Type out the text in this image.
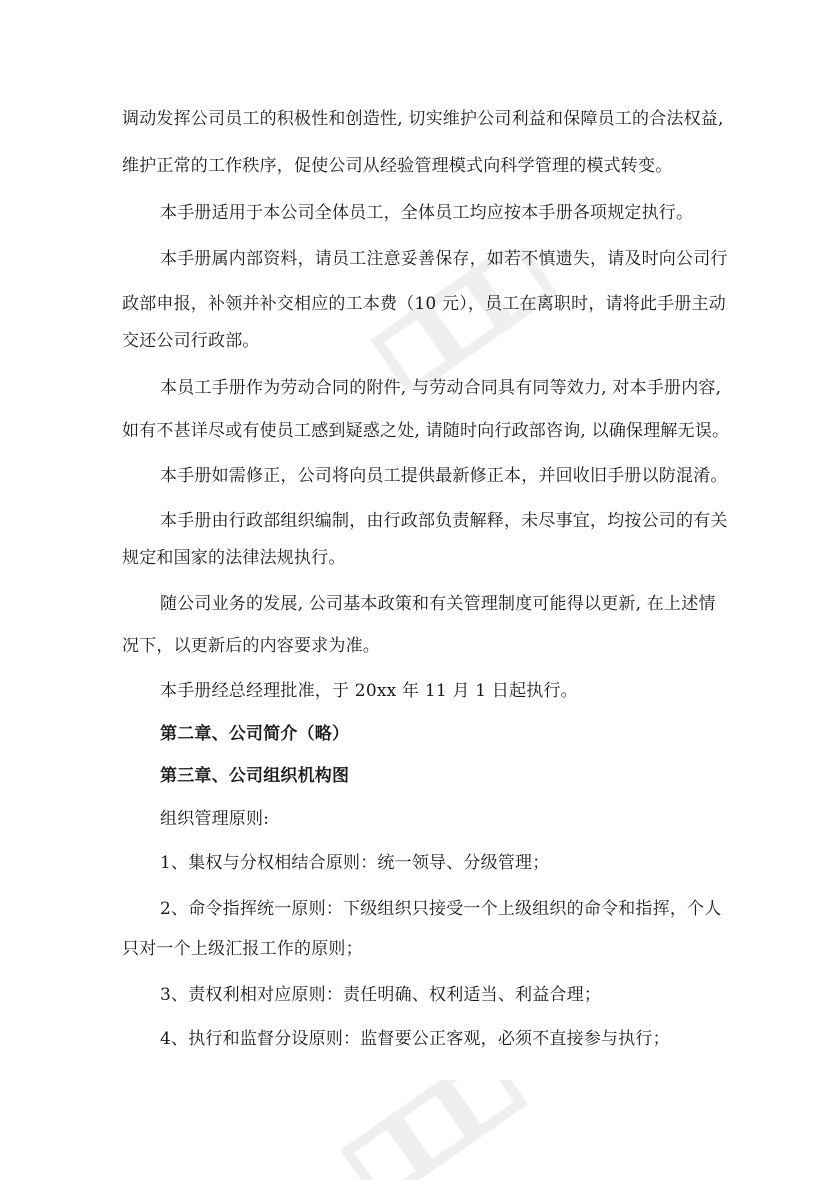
调动发挥公司员工的积极性和创造性, 切实维护公司利益和保障员工的合法权益,
维护正常的工作秩序，促使公司从经验管理模式向科学管理的模式转变。
本手册适用于本公司全体员工，全体员工均应按本手册各项规定执行。
本手册属内部资料，请员工注意妥善保存，如若不慎遗失，请及时向公司行
政部申报，补领并补交相应的工本费（10 元），员工在离职时，请将此手册主动
交还公司行政部。
本员工手册作为劳动合同的附件, 与劳动合同具有同等效力, 对本手册内容,
如有不甚详尽或有使员工感到疑惑之处, 请随时向行政部咨询, 以确保理解无误。
本手册如需修正，公司将向员工提供最新修正本，并回收旧手册以防混淆。
本手册由行政部组织编制，由行政部负责解释，未尽事宜，均按公司的有关
规定和国家的法律法规执行。
随公司业务的发展, 公司基本政策和有关管理制度可能得以更新, 在上述情
况下，以更新后的内容要求为准。
本手册经总经理批准，于 20xx 年 11 月 1 日起执行。
第二章、公司简介（略）
第三章、公司组织机构图
组织管理原则:
1、集权与分权相结合原则：统一领导、分级管理；
2、命令指挥统一原则：下级组织只接受一个上级组织的命令和指挥，个人
只对一个上级汇报工作的原则；
3、责权利相对应原则：责任明确、权利适当、利益合理；
4、执行和监督分设原则：监督要公正客观，必须不直接参与执行；
